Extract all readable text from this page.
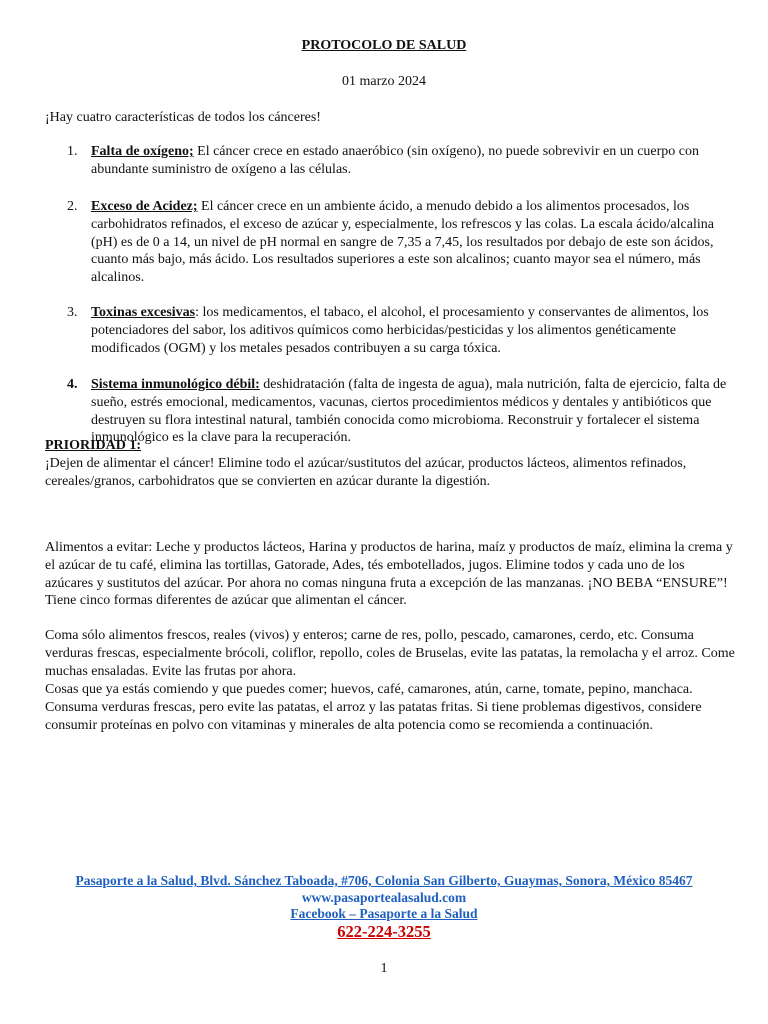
PROTOCOLO DE SALUD
01 marzo 2024
¡Hay cuatro características de todos los cánceres!
1. Falta de oxígeno; El cáncer crece en estado anaeróbico (sin oxígeno), no puede sobrevivir en un cuerpo con abundante suministro de oxígeno a las células.
2. Exceso de Acidez; El cáncer crece en un ambiente ácido, a menudo debido a los alimentos procesados, los carbohidratos refinados, el exceso de azúcar y, especialmente, los refrescos y las colas. La escala ácido/alcalina (pH) es de 0 a 14, un nivel de pH normal en sangre de 7,35 a 7,45, los resultados por debajo de este son ácidos, cuanto más bajo, más ácido. Los resultados superiores a este son alcalinos; cuanto mayor sea el número, más alcalinos.
3. Toxinas excesivas: los medicamentos, el tabaco, el alcohol, el procesamiento y conservantes de alimentos, los potenciadores del sabor, los aditivos químicos como herbicidas/pesticidas y los alimentos genéticamente modificados (OGM) y los metales pesados contribuyen a su carga tóxica.
4. Sistema inmunológico débil: deshidratación (falta de ingesta de agua), mala nutrición, falta de ejercicio, falta de sueño, estrés emocional, medicamentos, vacunas, ciertos procedimientos médicos y dentales y antibióticos que destruyen su flora intestinal natural, también conocida como microbioma. Reconstruir y fortalecer el sistema inmunológico es la clave para la recuperación.
PRIORIDAD 1:
¡Dejen de alimentar el cáncer! Elimine todo el azúcar/sustitutos del azúcar, productos lácteos, alimentos refinados, cereales/granos, carbohidratos que se convierten en azúcar durante la digestión.
Alimentos a evitar: Leche y productos lácteos, Harina y productos de harina, maíz y productos de maíz, elimina la crema y el azúcar de tu café, elimina las tortillas, Gatorade, Ades, tés embotellados, jugos. Elimine todos y cada uno de los azúcares y sustitutos del azúcar. Por ahora no comas ninguna fruta a excepción de las manzanas. ¡NO BEBA “ENSURE”! Tiene cinco formas diferentes de azúcar que alimentan el cáncer.
Coma sólo alimentos frescos, reales (vivos) y enteros; carne de res, pollo, pescado, camarones, cerdo, etc. Consuma verduras frescas, especialmente brócoli, coliflor, repollo, coles de Bruselas, evite las patatas, la remolacha y el arroz. Come muchas ensaladas. Evite las frutas por ahora.
Cosas que ya estás comiendo y que puedes comer; huevos, café, camarones, atún, carne, tomate, pepino, manchaca. Consuma verduras frescas, pero evite las patatas, el arroz y las patatas fritas. Si tiene problemas digestivos, considere consumir proteínas en polvo con vitaminas y minerales de alta potencia como se recomienda a continuación.
Pasaporte a la Salud, Blvd. Sánchez Taboada, #706, Colonia San Gilberto, Guaymas, Sonora, México 85467
www.pasaportealasalud.com
Facebook – Pasaporte a la Salud
622-224-3255
1
